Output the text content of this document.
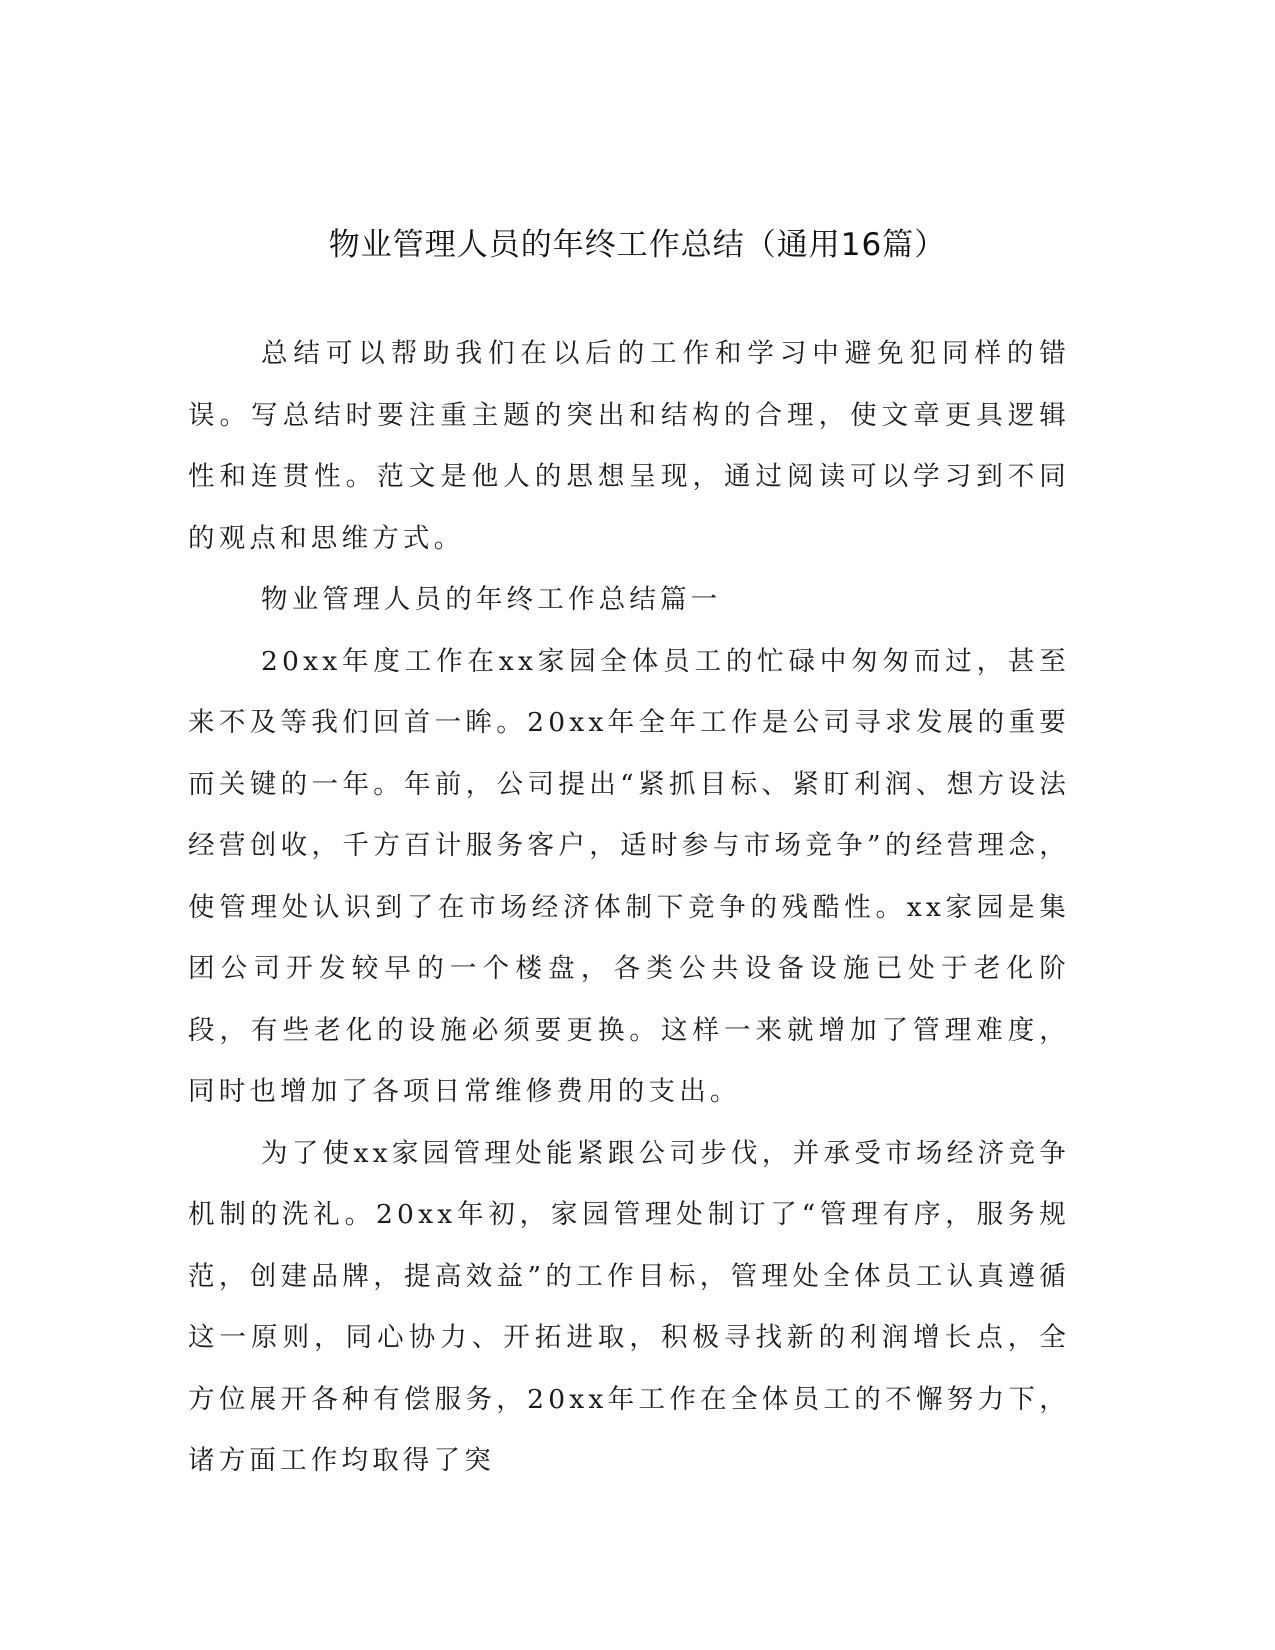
物业管理人员的年终工作总结（通用16篇）

总结可以帮助我们在以后的工作和学习中避免犯同样的错误。写总结时要注重主题的突出和结构的合理，使文章更具逻辑性和连贯性。范文是他人的思想呈现，通过阅读可以学习到不同的观点和思维方式。

物业管理人员的年终工作总结篇一

20xx年度工作在xx家园全体员工的忙碌中匆匆而过，甚至来不及等我们回首一眸。20xx年全年工作是公司寻求发展的重要而关键的一年。年前，公司提出“紧抓目标、紧盯利润、想方设法经营创收，千方百计服务客户，适时参与市场竞争”的经营理念，使管理处认识到了在市场经济体制下竞争的残酷性。xx家园是集团公司开发较早的一个楼盘，各类公共设备设施已处于老化阶段，有些老化的设施必须要更换。这样一来就增加了管理难度，同时也增加了各项日常维修费用的支出。

为了使xx家园管理处能紧跟公司步伐，并承受市场经济竞争机制的洗礼。20xx年初，家园管理处制订了“管理有序，服务规范，创建品牌，提高效益”的工作目标，管理处全体员工认真遵循这一原则，同心协力、开拓进取，积极寻找新的利润增长点，全方位展开各种有偿服务，20xx年工作在全体员工的不懈努力下，诸方面工作均取得了突
